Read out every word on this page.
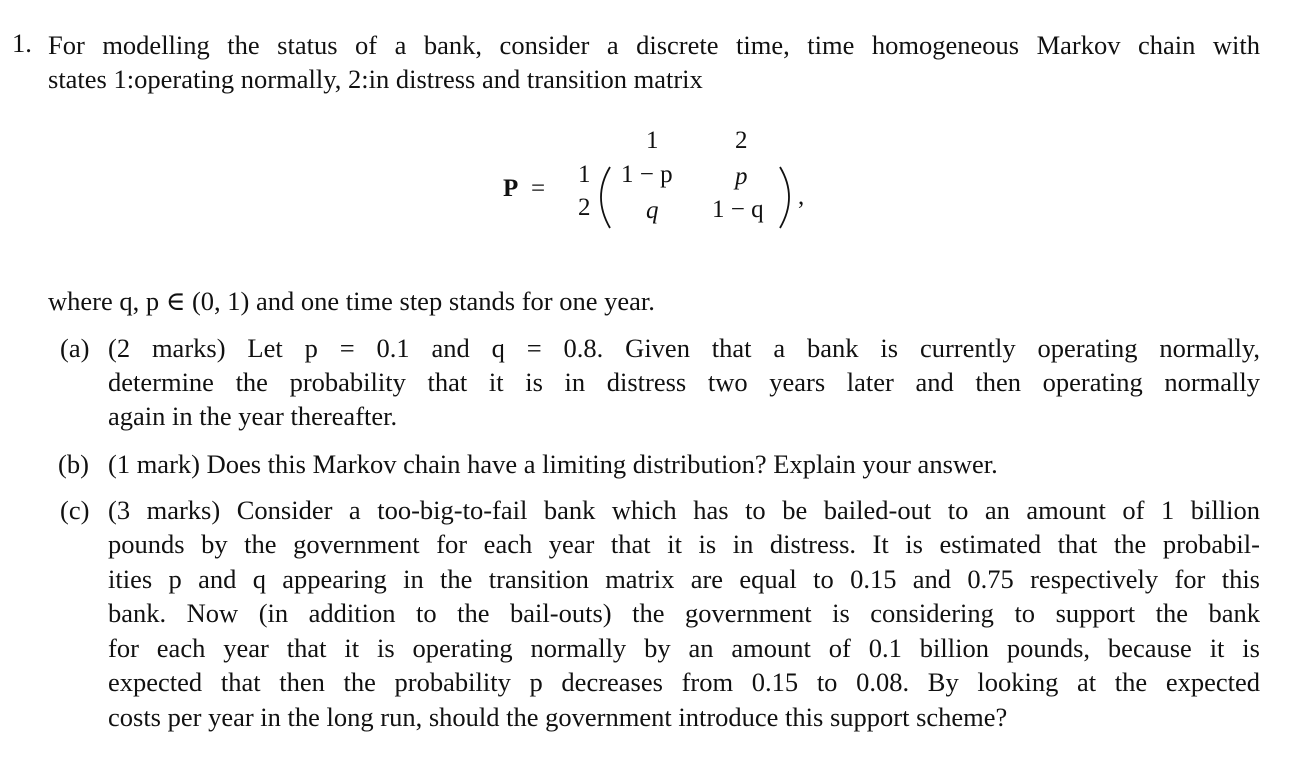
1. For modelling the status of a bank, consider a discrete time, time homogeneous Markov chain with
states 1:operating normally, 2:in distress and transition matrix
P =
1	2
1
2
1 − p p
q 1 − q ,
where q, p ∈ (0, 1) and one time step stands for one year.
(a) (2 marks) Let p = 0.1 and q = 0.8. Given that a bank is currently operating normally,
determine the probability that it is in distress two years later and then operating normally
again in the year thereafter.
(b) (1 mark) Does this Markov chain have a limiting distribution? Explain your answer.
(c) (3 marks) Consider a too-big-to-fail bank which has to be bailed-out to an amount of 1 billion
pounds by the government for each year that it is in distress. It is estimated that the probabil-
ities p and q appearing in the transition matrix are equal to 0.15 and 0.75 respectively for this
bank. Now (in addition to the bail-outs) the government is considering to support the bank
for each year that it is operating normally by an amount of 0.1 billion pounds, because it is
expected that then the probability p decreases from 0.15 to 0.08. By looking at the expected
costs per year in the long run, should the government introduce this support scheme?
